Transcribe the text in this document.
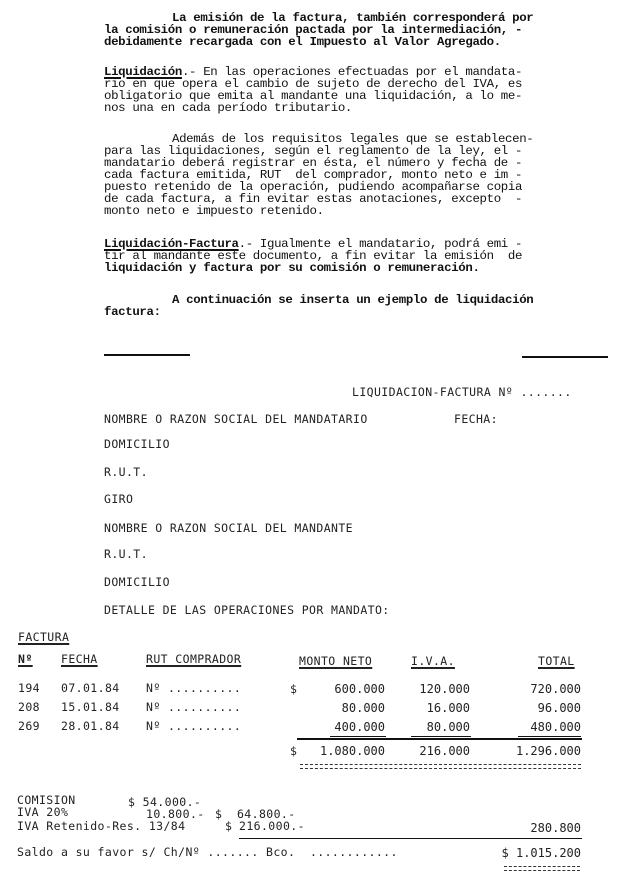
La emisión de la factura, también corresponderá por
la comisión o remuneración pactada por la intermediación, -
debidamente recargada con el Impuesto al Valor Agregado.
Liquidación.- En las operaciones efectuadas por el mandata-
rio en que opera el cambio de sujeto de derecho del IVA, es
obligatorio que emita al mandante una liquidación, a lo me-
nos una en cada período tributario.
Además de los requisitos legales que se establecen-
para las liquidaciones, según el reglamento de la ley, el -
mandatario deberá registrar en ésta, el número y fecha de -
cada factura emitida, RUT  del comprador, monto neto e im -
puesto retenido de la operación, pudiendo acompañarse copia
de cada factura, a fin evitar estas anotaciones, excepto  -
monto neto e impuesto retenido.
Liquidación-Factura.- Igualmente el mandatario, podrá emi -
tir al mandante este documento, a fin evitar la emisión  de
liquidación y factura por su comisión o remuneración.
A continuación se inserta un ejemplo de liquidación
factura:
LIQUIDACION-FACTURA Nº .......
NOMBRE O RAZON SOCIAL DEL MANDATARIO	FECHA:
DOMICILIO
R.U.T.
GIRO
NOMBRE O RAZON SOCIAL DEL MANDANTE
R.U.T.
DOMICILIO
DETALLE DE LAS OPERACIONES POR MANDATO:
FACTURA
Nº FECHA	RUT COMPRADOR	MONTO NETO	I.V.A.	TOTAL
194 07.01.84 Nº ..........	$	600.000	120.000	720.000
208 15.01.84 Nº ..........	80.000	16.000	96.000
269 28.01.84 Nº ..........	400.000	80.000	480.000
$ 1.080.000	216.000	1.296.000
COMISION	$ 54.000.-
IVA 20%	10.800.- $  64.800.-
IVA Retenido-Res. 13/84	$ 216.000.-	280.800
Saldo a su favor s/ Ch/Nº ....... Bco.  ............	$ 1.015.200
